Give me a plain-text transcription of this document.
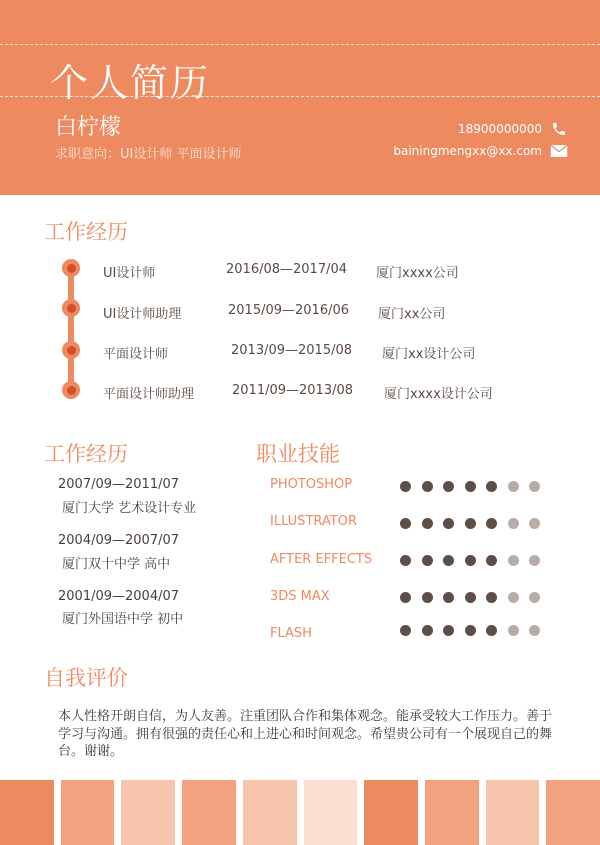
个人简历
白柠檬
求职意向：UI设计师 平面设计师
18900000000
bainingmengxx@xx.com
工作经历
UI设计师	2016/08—2017/04 厦门xxxx公司
UI设计师助理	2015/09—2016/06 厦门xx公司
平面设计师	2013/09—2015/08 厦门xx设计公司
平面设计师助理	2011/09—2013/08 厦门xxxx设计公司
工作经历
2007/09—2011/07
厦门大学 艺术设计专业
2004/09—2007/07
厦门双十中学 高中
2001/09—2004/07
厦门外国语中学 初中
职业技能
PHOTOSHOP
ILLUSTRATOR
AFTER EFFECTS
3DS MAX
FLASH
自我评价
本人性格开朗自信，为人友善。注重团队合作和集体观念。能承受较大工作压力。善于学习与沟通。拥有很强的责任心和上进心和时间观念。希望贵公司有一个展现自己的舞台。谢谢。
